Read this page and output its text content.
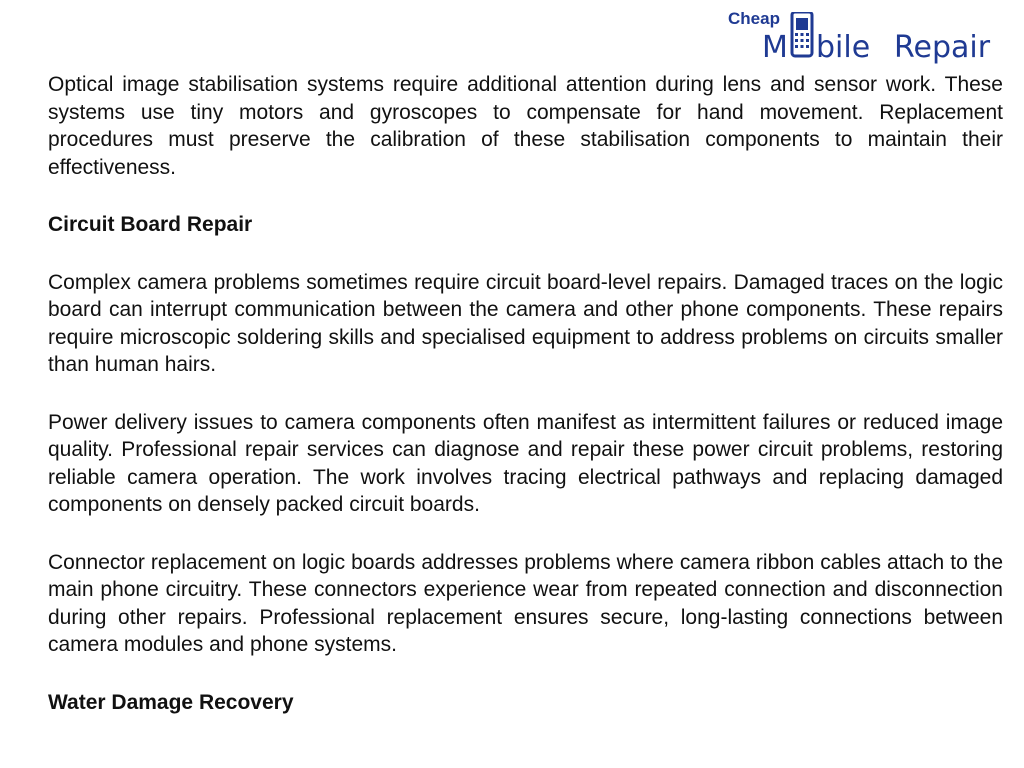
Cheap
M bile Repair

Optical image stabilisation systems require additional attention during lens and sensor work. These systems use tiny motors and gyroscopes to compensate for hand movement. Replacement procedures must preserve the calibration of these stabilisation components to maintain their effectiveness.

Circuit Board Repair

Complex camera problems sometimes require circuit board-level repairs. Damaged traces on the logic board can interrupt communication between the camera and other phone components. These repairs require microscopic soldering skills and specialised equipment to address problems on circuits smaller than human hairs.

Power delivery issues to camera components often manifest as intermittent failures or reduced image quality. Professional repair services can diagnose and repair these power circuit problems, restoring reliable camera operation. The work involves tracing electrical pathways and replacing damaged components on densely packed circuit boards.

Connector replacement on logic boards addresses problems where camera ribbon cables attach to the main phone circuitry. These connectors experience wear from repeated connection and disconnection during other repairs. Professional replacement ensures secure, long-lasting connections between camera modules and phone systems.

Water Damage Recovery
